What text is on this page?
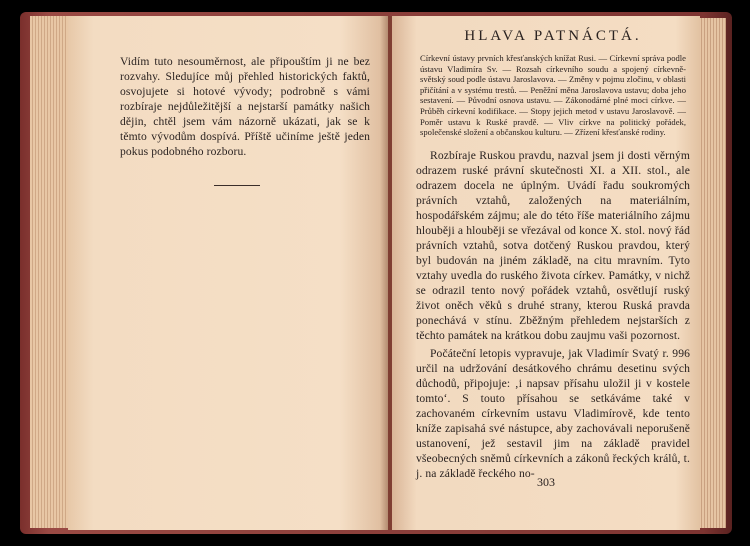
Vidím tuto nesouměrnost, ale připouštím ji ne bez rozvahy. Sledujíce můj přehled historických faktů, osvojujete si hotové vývody; podrobně s vámi rozbíraje nejdůležitější a nejstarší památky našich dějin, chtěl jsem vám názorně ukázati, jak se k těmto vývodům dospívá. Příště učiníme ještě jeden pokus podobného rozboru.

HLAVA PATNÁCTÁ.
Církevní ústavy prvních křesťanských knížat Rusi. — Církevní správa podle ústavu Vladimíra Sv. — Rozsah církevního soudu a spojený církevně-světský soud podle ústavu Jaroslavova. — Změny v pojmu zločinu, v oblasti přičítání a v systému trestů. — Peněžní měna Jaroslavova ustavu; doba jeho sestavení. — Původní osnova ustavu. — Zákonodárné plné moci církve. — Průběh církevní kodifikace. — Stopy jejich metod v ustavu Jaroslavově. — Poměr ustavu k Ruské pravdě. — Vliv církve na politický pořádek, společenské složení a občanskou kulturu. — Zřízení křesťanské rodiny.

Rozbíraje Ruskou pravdu, nazval jsem ji dosti věrným odrazem ruské právní skutečnosti XI. a XII. stol., ale odrazem docela ne úplným. Uvádí řadu soukromých právních vztahů, založených na materiálním, hospodářském zájmu; ale do této říše materiálního zájmu hlouběji a hlouběji se vřezával od konce X. stol. nový řád právních vztahů, sotva dotčený Ruskou pravdou, který byl budován na jiném základě, na citu mravním. Tyto vztahy uvedla do ruského života církev. Památky, v nichž se odrazil tento nový pořádek vztahů, osvětlují ruský život oněch věků s druhé strany, kterou Ruská pravda ponechává v stínu. Zběžným přehledem nejstarších z těchto památek na krátkou dobu zaujmu vaši pozornost.

Počáteční letopis vypravuje, jak Vladimír Svatý r. 996 určil na udržování desátkového chrámu desetinu svých důchodů, připojuje: ‚i napsav přísahu uložil ji v kostele tomto‘. S touto přísahou se setkáváme také v zachovaném církevním ustavu Vladimírově, kde tento kníže zapisahá své nástupce, aby zachovávali neporušeně ustanovení, jež sestavil jim na základě pravidel všeobecných sněmů církevních a zákonů řeckých králů, t. j. na základě řeckého no-

303
